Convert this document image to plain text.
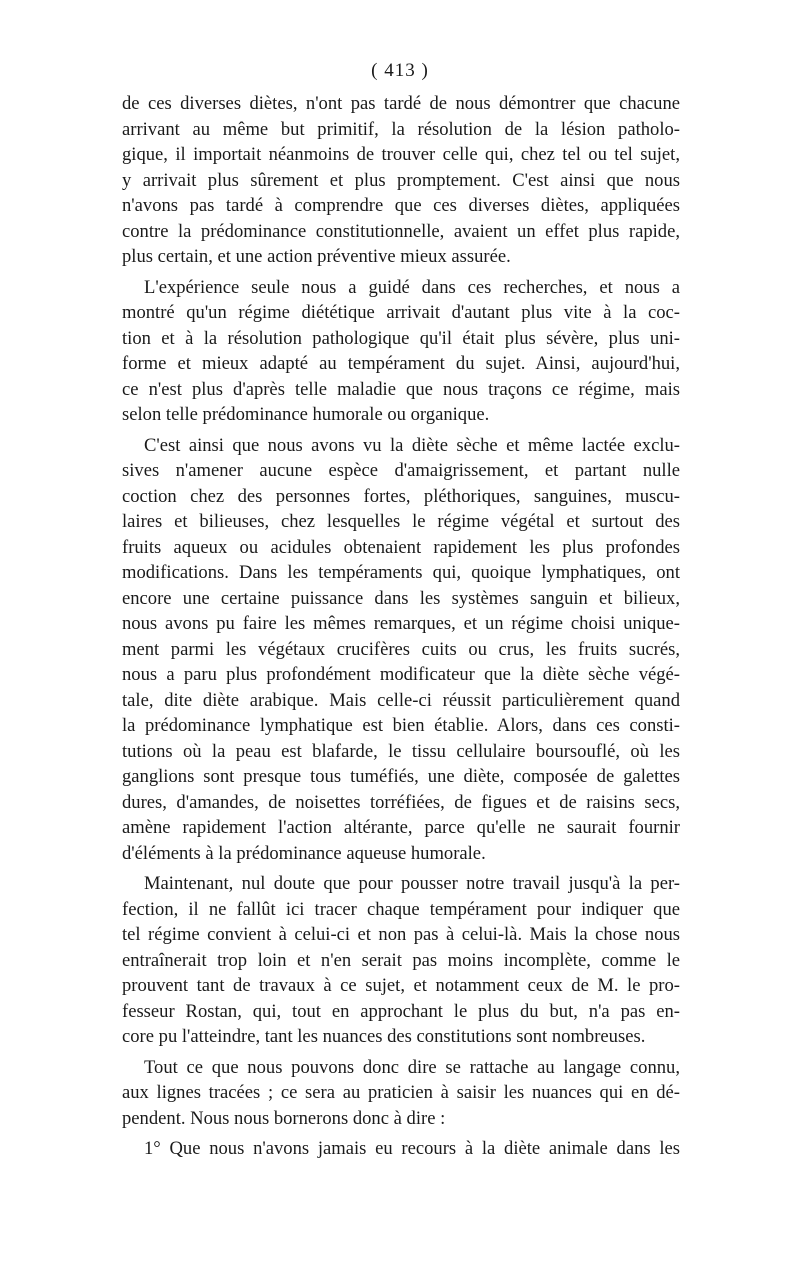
( 413 )
de ces diverses diètes, n'ont pas tardé de nous démontrer que chacune
arrivant au même but primitif, la résolution de la lésion patholo-
gique, il importait néanmoins de trouver celle qui, chez tel ou tel sujet,
y arrivait plus sûrement et plus promptement. C'est ainsi que nous
n'avons pas tardé à comprendre que ces diverses diètes, appliquées
contre la prédominance constitutionnelle, avaient un effet plus rapide,
plus certain, et une action préventive mieux assurée.
L'expérience seule nous a guidé dans ces recherches, et nous a
montré qu'un régime diététique arrivait d'autant plus vite à la coc-
tion et à la résolution pathologique qu'il était plus sévère, plus uni-
forme et mieux adapté au tempérament du sujet. Ainsi, aujourd'hui,
ce n'est plus d'après telle maladie que nous traçons ce régime, mais
selon telle prédominance humorale ou organique.
C'est ainsi que nous avons vu la diète sèche et même lactée exclu-
sives n'amener aucune espèce d'amaigrissement, et partant nulle
coction chez des personnes fortes, pléthoriques, sanguines, muscu-
laires et bilieuses, chez lesquelles le régime végétal et surtout des
fruits aqueux ou acidules obtenaient rapidement les plus profondes
modifications. Dans les tempéraments qui, quoique lymphatiques, ont
encore une certaine puissance dans les systèmes sanguin et bilieux,
nous avons pu faire les mêmes remarques, et un régime choisi unique-
ment parmi les végétaux crucifères cuits ou crus, les fruits sucrés,
nous a paru plus profondément modificateur que la diète sèche végé-
tale, dite diète arabique. Mais celle-ci réussit particulièrement quand
la prédominance lymphatique est bien établie. Alors, dans ces consti-
tutions où la peau est blafarde, le tissu cellulaire boursouflé, où les
ganglions sont presque tous tuméfiés, une diète, composée de galettes
dures, d'amandes, de noisettes torréfiées, de figues et de raisins secs,
amène rapidement l'action altérante, parce qu'elle ne saurait fournir
d'éléments à la prédominance aqueuse humorale.
Maintenant, nul doute que pour pousser notre travail jusqu'à la per-
fection, il ne fallût ici tracer chaque tempérament pour indiquer que
tel régime convient à celui-ci et non pas à celui-là. Mais la chose nous
entraînerait trop loin et n'en serait pas moins incomplète, comme le
prouvent tant de travaux à ce sujet, et notamment ceux de M. le pro-
fesseur Rostan, qui, tout en approchant le plus du but, n'a pas en-
core pu l'atteindre, tant les nuances des constitutions sont nombreuses.
Tout ce que nous pouvons donc dire se rattache au langage connu,
aux lignes tracées ; ce sera au praticien à saisir les nuances qui en dé-
pendent. Nous nous bornerons donc à dire :
1° Que nous n'avons jamais eu recours à la diète animale dans les
